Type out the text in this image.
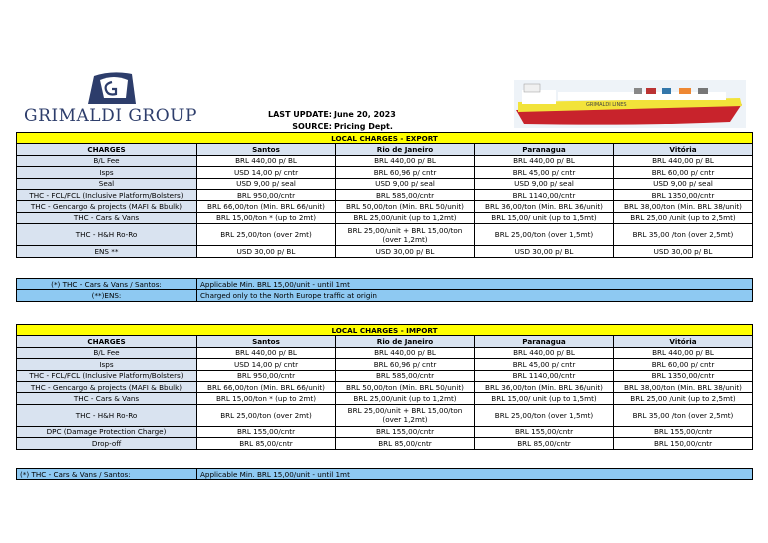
GRIMALDI GROUP	LAST UPDATE:
SOURCE:
June 20, 2023
Pricing Dept.
GRIMALDI LINES
LOCAL CHARGES - EXPORT				
CHARGES	Santos	Rio de Janeiro	Paranagua	Vitória
B/L Fee	BRL 440,00 p/ BL	BRL 440,00 p/ BL	BRL 440,00 p/ BL	BRL 440,00 p/ BL
Isps	USD 14,00 p/ cntr	BRL 60,96 p/ cntr	BRL 45,00 p/ cntr	BRL 60,00 p/ cntr
Seal	USD 9,00 p/ seal	USD 9,00 p/ seal	USD 9,00 p/ seal	USD 9,00 p/ seal
THC - FCL/FCL (Inclusive Platform/Bolsters)	BRL 950,00/cntr	BRL 585,00/cntr	BRL 1140,00/cntr	BRL 1350,00/cntr
THC - Gencargo & projects (MAFI & Bbulk)	BRL 66,00/ton (Min. BRL 66/unit)	BRL 50,00/ton (Min. BRL 50/unit)	BRL 36,00/ton (Min. BRL 36/unit)	BRL 38,00/ton (Min. BRL 38/unit)
THC - Cars & Vans	BRL 15,00/ton * (up to 2mt)	BRL 25,00/unit (up to 1,2mt)	BRL 15,00/ unit (up to 1,5mt)	BRL 25,00 /unit (up to 2,5mt)
THC - H&H Ro-Ro	BRL 25,00/ton (over 2mt)	BRL 25,00/unit + BRL 15,00/ton (over 1,2mt)	BRL 25,00/ton (over 1,5mt)	BRL 35,00 /ton (over 2,5mt)
ENS **	USD 30,00 p/ BL	USD 30,00 p/ BL	USD 30,00 p/ BL	USD 30,00 p/ BL
(*) THC - Cars & Vans / Santos:	Applicable Min. BRL 15,00/unit - until 1mt
(**)ENS:	Charged only to the North Europe traffic at origin
LOCAL CHARGES - IMPORT				
CHARGES	Santos	Rio de Janeiro	Paranagua	Vitória
B/L Fee	BRL 440,00 p/ BL	BRL 440,00 p/ BL	BRL 440,00 p/ BL	BRL 440,00 p/ BL
Isps	USD 14,00 p/ cntr	BRL 60,96 p/ cntr	BRL 45,00 p/ cntr	BRL 60,00 p/ cntr
THC - FCL/FCL (Inclusive Platform/Bolsters)	BRL 950,00/cntr	BRL 585,00/cntr	BRL 1140,00/cntr	BRL 1350,00/cntr
THC - Gencargo & projects (MAFI & Bbulk)	BRL 66,00/ton (Min. BRL 66/unit)	BRL 50,00/ton (Min. BRL 50/unit)	BRL 36,00/ton (Min. BRL 36/unit)	BRL 38,00/ton (Min. BRL 38/unit)
THC - Cars & Vans	BRL 15,00/ton * (up to 2mt)	BRL 25,00/unit (up to 1,2mt)	BRL 15,00/ unit (up to 1,5mt)	BRL 25,00 /unit (up to 2,5mt)
THC - H&H Ro-Ro	BRL 25,00/ton (over 2mt)	BRL 25,00/unit + BRL 15,00/ton (over 1,2mt)	BRL 25,00/ton (over 1,5mt)	BRL 35,00 /ton (over 2,5mt)
DPC (Damage Protection Charge)	BRL 155,00/cntr	BRL 155,00/cntr	BRL 155,00/cntr	BRL 155,00/cntr
Drop-off	BRL 85,00/cntr	BRL 85,00/cntr	BRL 85,00/cntr	BRL 150,00/cntr
(*) THC - Cars & Vans / Santos:	Applicable Min. BRL 15,00/unit - until 1mt
